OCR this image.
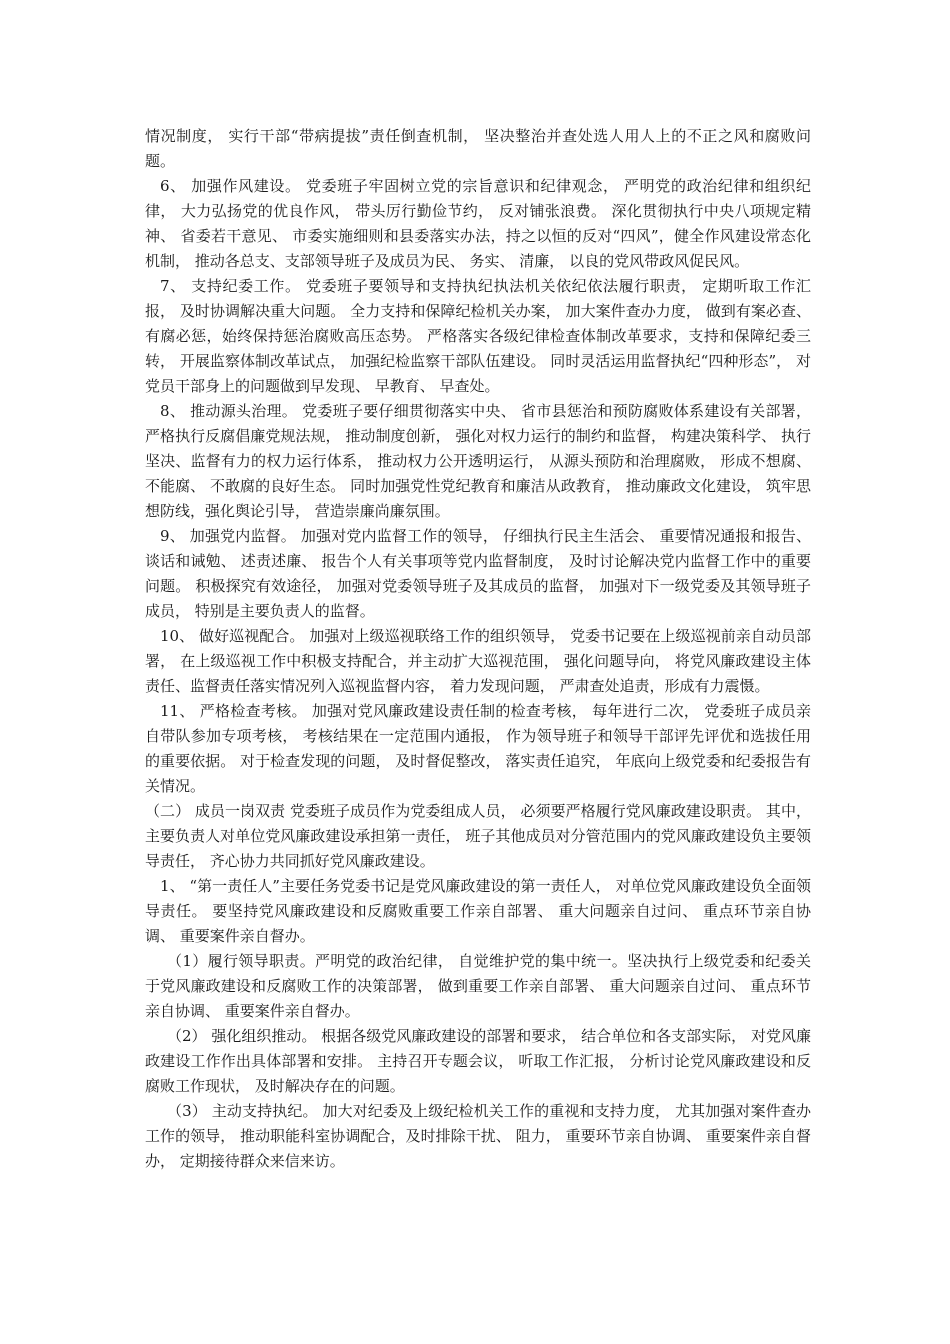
情况制度， 实行干部“带病提拔”责任倒查机制， 坚决整治并查处选人用人上的不正之风和腐败问题。

6、 加强作风建设。 党委班子牢固树立党的宗旨意识和纪律观念， 严明党的政治纪律和组织纪律， 大力弘扬党的优良作风， 带头厉行勤俭节约， 反对铺张浪费。 深化贯彻执行中央八项规定精神、 省委若干意见、 市委实施细则和县委落实办法，持之以恒的反对“四风”，健全作风建设常态化机制， 推动各总支、支部领导班子及成员为民、 务实、 清廉， 以良的党风带政风促民风。

7、 支持纪委工作。 党委班子要领导和支持执纪执法机关依纪依法履行职责， 定期听取工作汇报， 及时协调解决重大问题。 全力支持和保障纪检机关办案， 加大案件查办力度， 做到有案必查、 有腐必惩，始终保持惩治腐败高压态势。 严格落实各级纪律检查体制改革要求，支持和保障纪委三转， 开展监察体制改革试点， 加强纪检监察干部队伍建设。 同时灵活运用监督执纪“四种形态”， 对党员干部身上的问题做到早发现、 早教育、 早查处。

8、 推动源头治理。 党委班子要仔细贯彻落实中央、 省市县惩治和预防腐败体系建设有关部署， 严格执行反腐倡廉党规法规， 推动制度创新， 强化对权力运行的制约和监督， 构建决策科学、 执行坚决、监督有力的权力运行体系， 推动权力公开透明运行， 从源头预防和治理腐败， 形成不想腐、 不能腐、 不敢腐的良好生态。 同时加强党性党纪教育和廉洁从政教育， 推动廉政文化建设， 筑牢思想防线，强化舆论引导， 营造崇廉尚廉氛围。

9、 加强党内监督。 加强对党内监督工作的领导， 仔细执行民主生活会、 重要情况通报和报告、 谈话和诫勉、 述责述廉、 报告个人有关事项等党内监督制度， 及时讨论解决党内监督工作中的重要问题。 积极探究有效途径， 加强对党委领导班子及其成员的监督， 加强对下一级党委及其领导班子成员， 特别是主要负责人的监督。

10、 做好巡视配合。 加强对上级巡视联络工作的组织领导， 党委书记要在上级巡视前亲自动员部署， 在上级巡视工作中积极支持配合，并主动扩大巡视范围， 强化问题导向， 将党风廉政建设主体责任、监督责任落实情况列入巡视监督内容， 着力发现问题， 严肃查处追责，形成有力震慑。

11、 严格检查考核。 加强对党风廉政建设责任制的检查考核， 每年进行二次， 党委班子成员亲自带队参加专项考核， 考核结果在一定范围内通报， 作为领导班子和领导干部评先评优和选拔任用的重要依据。 对于检查发现的问题， 及时督促整改， 落实责任追究， 年底向上级党委和纪委报告有关情况。

（二） 成员一岗双责 党委班子成员作为党委组成人员， 必须要严格履行党风廉政建设职责。 其中， 主要负责人对单位党风廉政建设承担第一责任， 班子其他成员对分管范围内的党风廉政建设负主要领导责任， 齐心协力共同抓好党风廉政建设。

1、 “第一责任人”主要任务党委书记是党风廉政建设的第一责任人， 对单位党风廉政建设负全面领导责任。 要坚持党风廉政建设和反腐败重要工作亲自部署、 重大问题亲自过问、 重点环节亲自协调、 重要案件亲自督办。

（1）履行领导职责。严明党的政治纪律， 自觉维护党的集中统一。坚决执行上级党委和纪委关于党风廉政建设和反腐败工作的决策部署， 做到重要工作亲自部署、 重大问题亲自过问、 重点环节亲自协调、 重要案件亲自督办。

（2） 强化组织推动。 根据各级党风廉政建设的部署和要求， 结合单位和各支部实际， 对党风廉政建设工作作出具体部署和安排。 主持召开专题会议， 听取工作汇报， 分析讨论党风廉政建设和反腐败工作现状， 及时解决存在的问题。

（3） 主动支持执纪。 加大对纪委及上级纪检机关工作的重视和支持力度， 尤其加强对案件查办工作的领导， 推动职能科室协调配合，及时排除干扰、 阻力， 重要环节亲自协调、 重要案件亲自督办， 定期接待群众来信来访。
